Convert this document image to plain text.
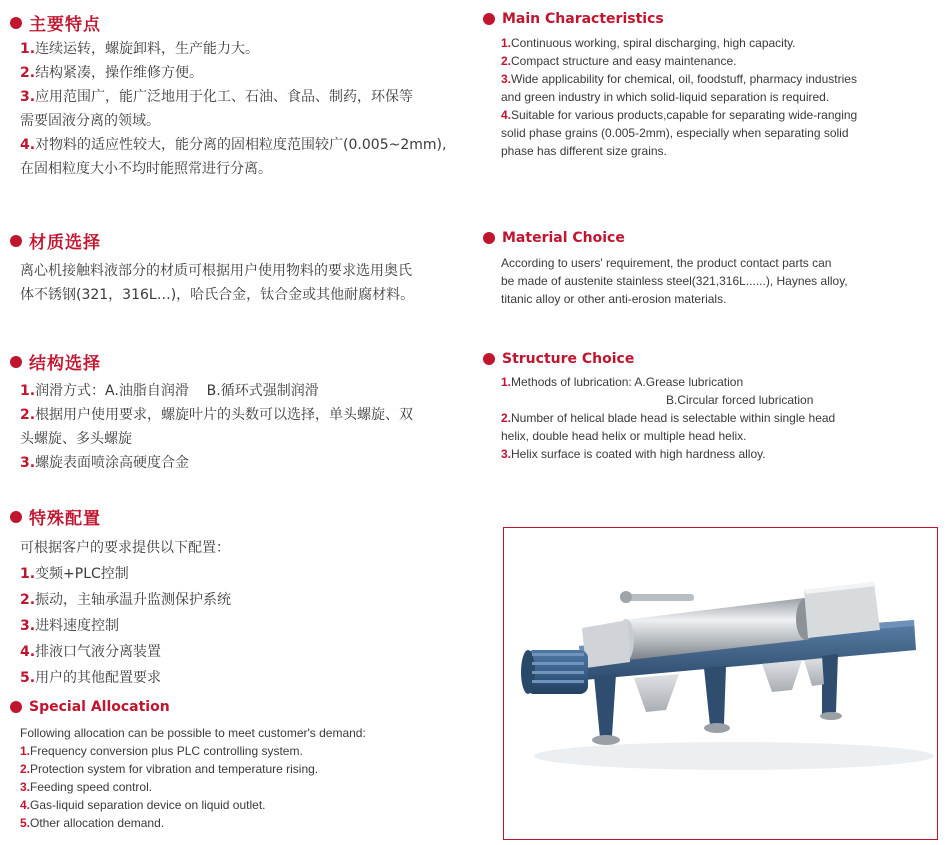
主要特点

1.连续运转，螺旋卸料，生产能力大。

2.结构紧凑，操作维修方便。

3.应用范围广，能广泛地用于化工、石油、食品、制药，环保等

需要固液分离的领域。

4.对物料的适应性较大，能分离的固相粒度范围较广(0.005~2mm),

在固相粒度大小不均时能照常进行分离。

材质选择

离心机接触料液部分的材质可根据用户使用物料的要求选用奥氏

体不锈钢(321，316L…)，哈氏合金，钛合金或其他耐腐材料。

结构选择

1.润滑方式：A.油脂自润滑    B.循环式强制润滑

2.根据用户使用要求，螺旋叶片的头数可以选择，单头螺旋、双

头螺旋、多头螺旋

3.螺旋表面喷涂高硬度合金

特殊配置

可根据客户的要求提供以下配置：

1.变频+PLC控制

2.振动，主轴承温升监测保护系统

3.进料速度控制

4.排液口气液分离装置

5.用户的其他配置要求

Special Allocation

Following allocation can be possible to meet customer's demand:

1.Frequency conversion plus PLC controlling system.

2.Protection system for vibration and temperature rising.

3.Feeding speed control.

4.Gas-liquid separation device on liquid outlet.

5.Other allocation demand.

Main Characteristics

1.Continuous working, spiral discharging, high capacity.

2.Compact structure and easy maintenance.

3.Wide applicability for chemical, oil, foodstuff, pharmacy industries

and green industry in which solid-liquid separation is required.

4.Suitable for various products,capable for separating wide-ranging

solid phase grains (0.005-2mm), especially when separating solid

phase has different size grains.

Material Choice

According to users' requirement, the product contact parts can

be made of austenite stainless steel(321,316L......), Haynes alloy,

titanic alloy or other anti-erosion materials.

Structure Choice

1.Methods of lubrication: A.Grease lubrication

B.Circular forced lubrication

2.Number of helical blade head is selectable within single head

helix, double head helix or multiple head helix.

3.Helix surface is coated with high hardness alloy.
